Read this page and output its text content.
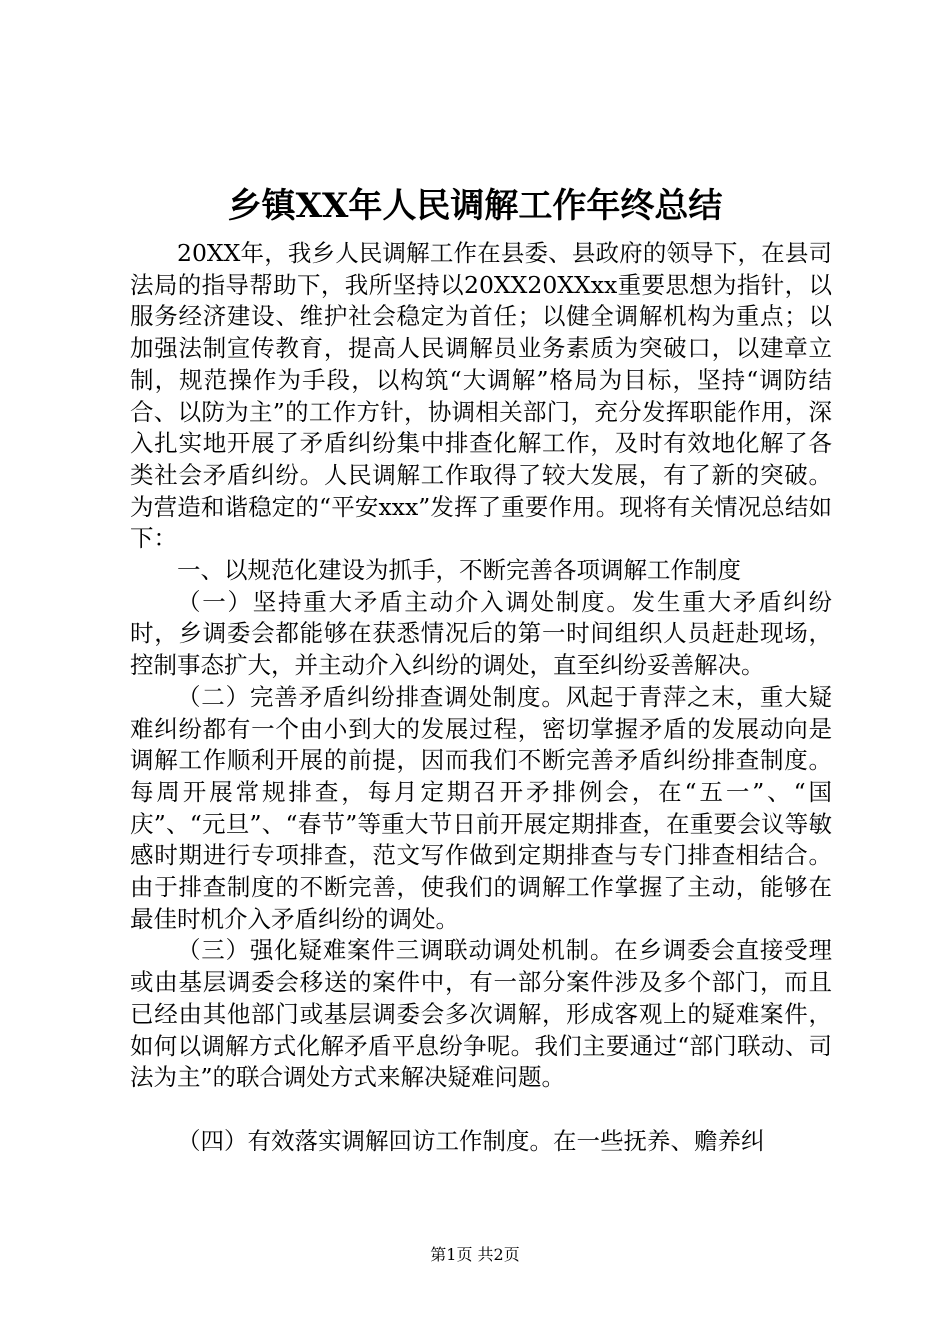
乡镇XX年人民调解工作年终总结

20XX年，我乡人民调解工作在县委、县政府的领导下，在县司法局的指导帮助下，我所坚持以20XX20XXxx重要思想为指针，以服务经济建设、维护社会稳定为首任；以健全调解机构为重点；以加强法制宣传教育，提高人民调解员业务素质为突破口，以建章立制，规范操作为手段，以构筑“大调解”格局为目标，坚持“调防结合、以防为主”的工作方针，协调相关部门，充分发挥职能作用，深入扎实地开展了矛盾纠纷集中排查化解工作，及时有效地化解了各类社会矛盾纠纷。人民调解工作取得了较大发展，有了新的突破。为营造和谐稳定的“平安xxx”发挥了重要作用。现将有关情况总结如下：

一、以规范化建设为抓手，不断完善各项调解工作制度

（一）坚持重大矛盾主动介入调处制度。发生重大矛盾纠纷时，乡调委会都能够在获悉情况后的第一时间组织人员赶赴现场，控制事态扩大，并主动介入纠纷的调处，直至纠纷妥善解决。

（二）完善矛盾纠纷排查调处制度。风起于青萍之末，重大疑难纠纷都有一个由小到大的发展过程，密切掌握矛盾的发展动向是调解工作顺利开展的前提，因而我们不断完善矛盾纠纷排查制度。每周开展常规排查，每月定期召开矛排例会，在“五一”、“国庆”、“元旦”、“春节”等重大节日前开展定期排查，在重要会议等敏感时期进行专项排查，范文写作做到定期排查与专门排查相结合。由于排查制度的不断完善，使我们的调解工作掌握了主动，能够在最佳时机介入矛盾纠纷的调处。

（三）强化疑难案件三调联动调处机制。在乡调委会直接受理或由基层调委会移送的案件中，有一部分案件涉及多个部门，而且已经由其他部门或基层调委会多次调解，形成客观上的疑难案件，如何以调解方式化解矛盾平息纷争呢。我们主要通过“部门联动、司法为主”的联合调处方式来解决疑难问题。

（四）有效落实调解回访工作制度。在一些抚养、赡养纠

第1页 共2页
